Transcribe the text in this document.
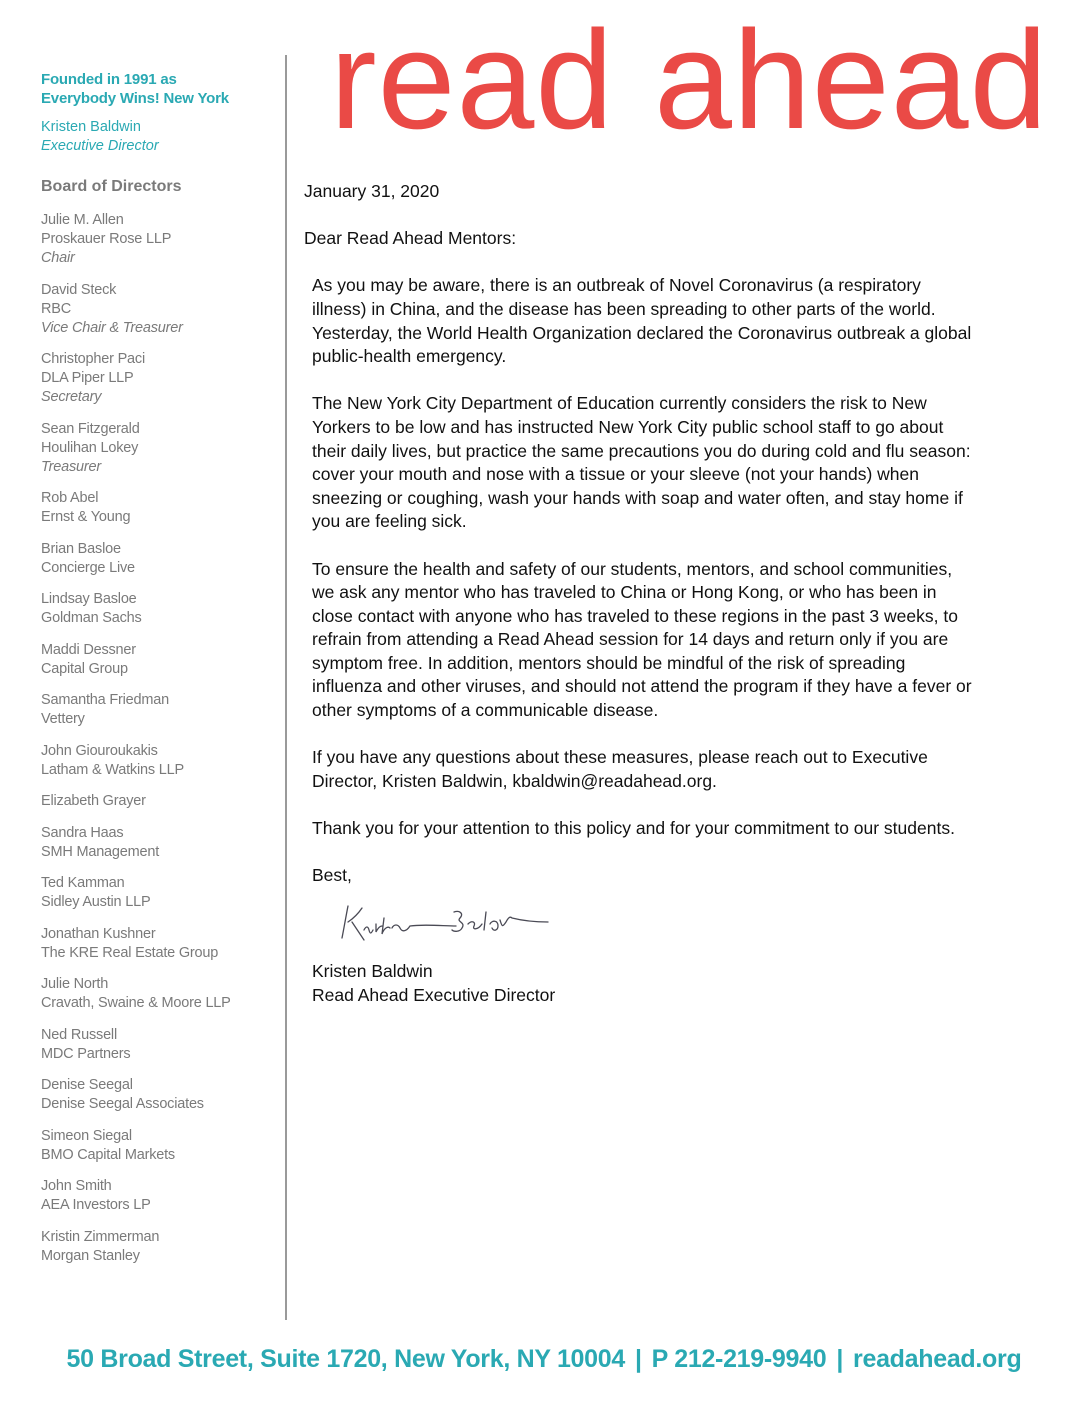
Founded in 1991 as
Everybody Wins! New York
Kristen Baldwin
Executive Director
Board of Directors
Julie M. Allen
Proskauer Rose LLP
Chair
David Steck
RBC
Vice Chair & Treasurer
Christopher Paci
DLA Piper LLP
Secretary
Sean Fitzgerald
Houlihan Lokey
Treasurer
Rob Abel
Ernst & Young
Brian Basloe
Concierge Live
Lindsay Basloe
Goldman Sachs
Maddi Dessner
Capital Group
Samantha Friedman
Vettery
John Giouroukakis
Latham & Watkins LLP
Elizabeth Grayer
Sandra Haas
SMH Management
Ted Kamman
Sidley Austin LLP
Jonathan Kushner
The KRE Real Estate Group
Julie North
Cravath, Swaine & Moore LLP
Ned Russell
MDC Partners
Denise Seegal
Denise Seegal Associates
Simeon Siegal
BMO Capital Markets
John Smith
AEA Investors LP
Kristin Zimmerman
Morgan Stanley
read ahead
January 31, 2020
Dear Read Ahead Mentors:

As you may be aware, there is an outbreak of Novel Coronavirus (a respiratory illness) in China, and the disease has been spreading to other parts of the world. Yesterday, the World Health Organization declared the Coronavirus outbreak a global public-health emergency.

The New York City Department of Education currently considers the risk to New Yorkers to be low and has instructed New York City public school staff to go about their daily lives, but practice the same precautions you do during cold and flu season: cover your mouth and nose with a tissue or your sleeve (not your hands) when sneezing or coughing, wash your hands with soap and water often, and stay home if you are feeling sick.

To ensure the health and safety of our students, mentors, and school communities, we ask any mentor who has traveled to China or Hong Kong, or who has been in close contact with anyone who has traveled to these regions in the past 3 weeks, to refrain from attending a Read Ahead session for 14 days and return only if you are symptom free. In addition, mentors should be mindful of the risk of spreading influenza and other viruses, and should not attend the program if they have a fever or other symptoms of a communicable disease.

If you have any questions about these measures, please reach out to Executive Director, Kristen Baldwin, kbaldwin@readahead.org.

Thank you for your attention to this policy and for your commitment to our students.

Best,
Kristen Baldwin
Read Ahead Executive Director
50 Broad Street, Suite 1720, New York, NY 10004 | P 212-219-9940 | readahead.org
